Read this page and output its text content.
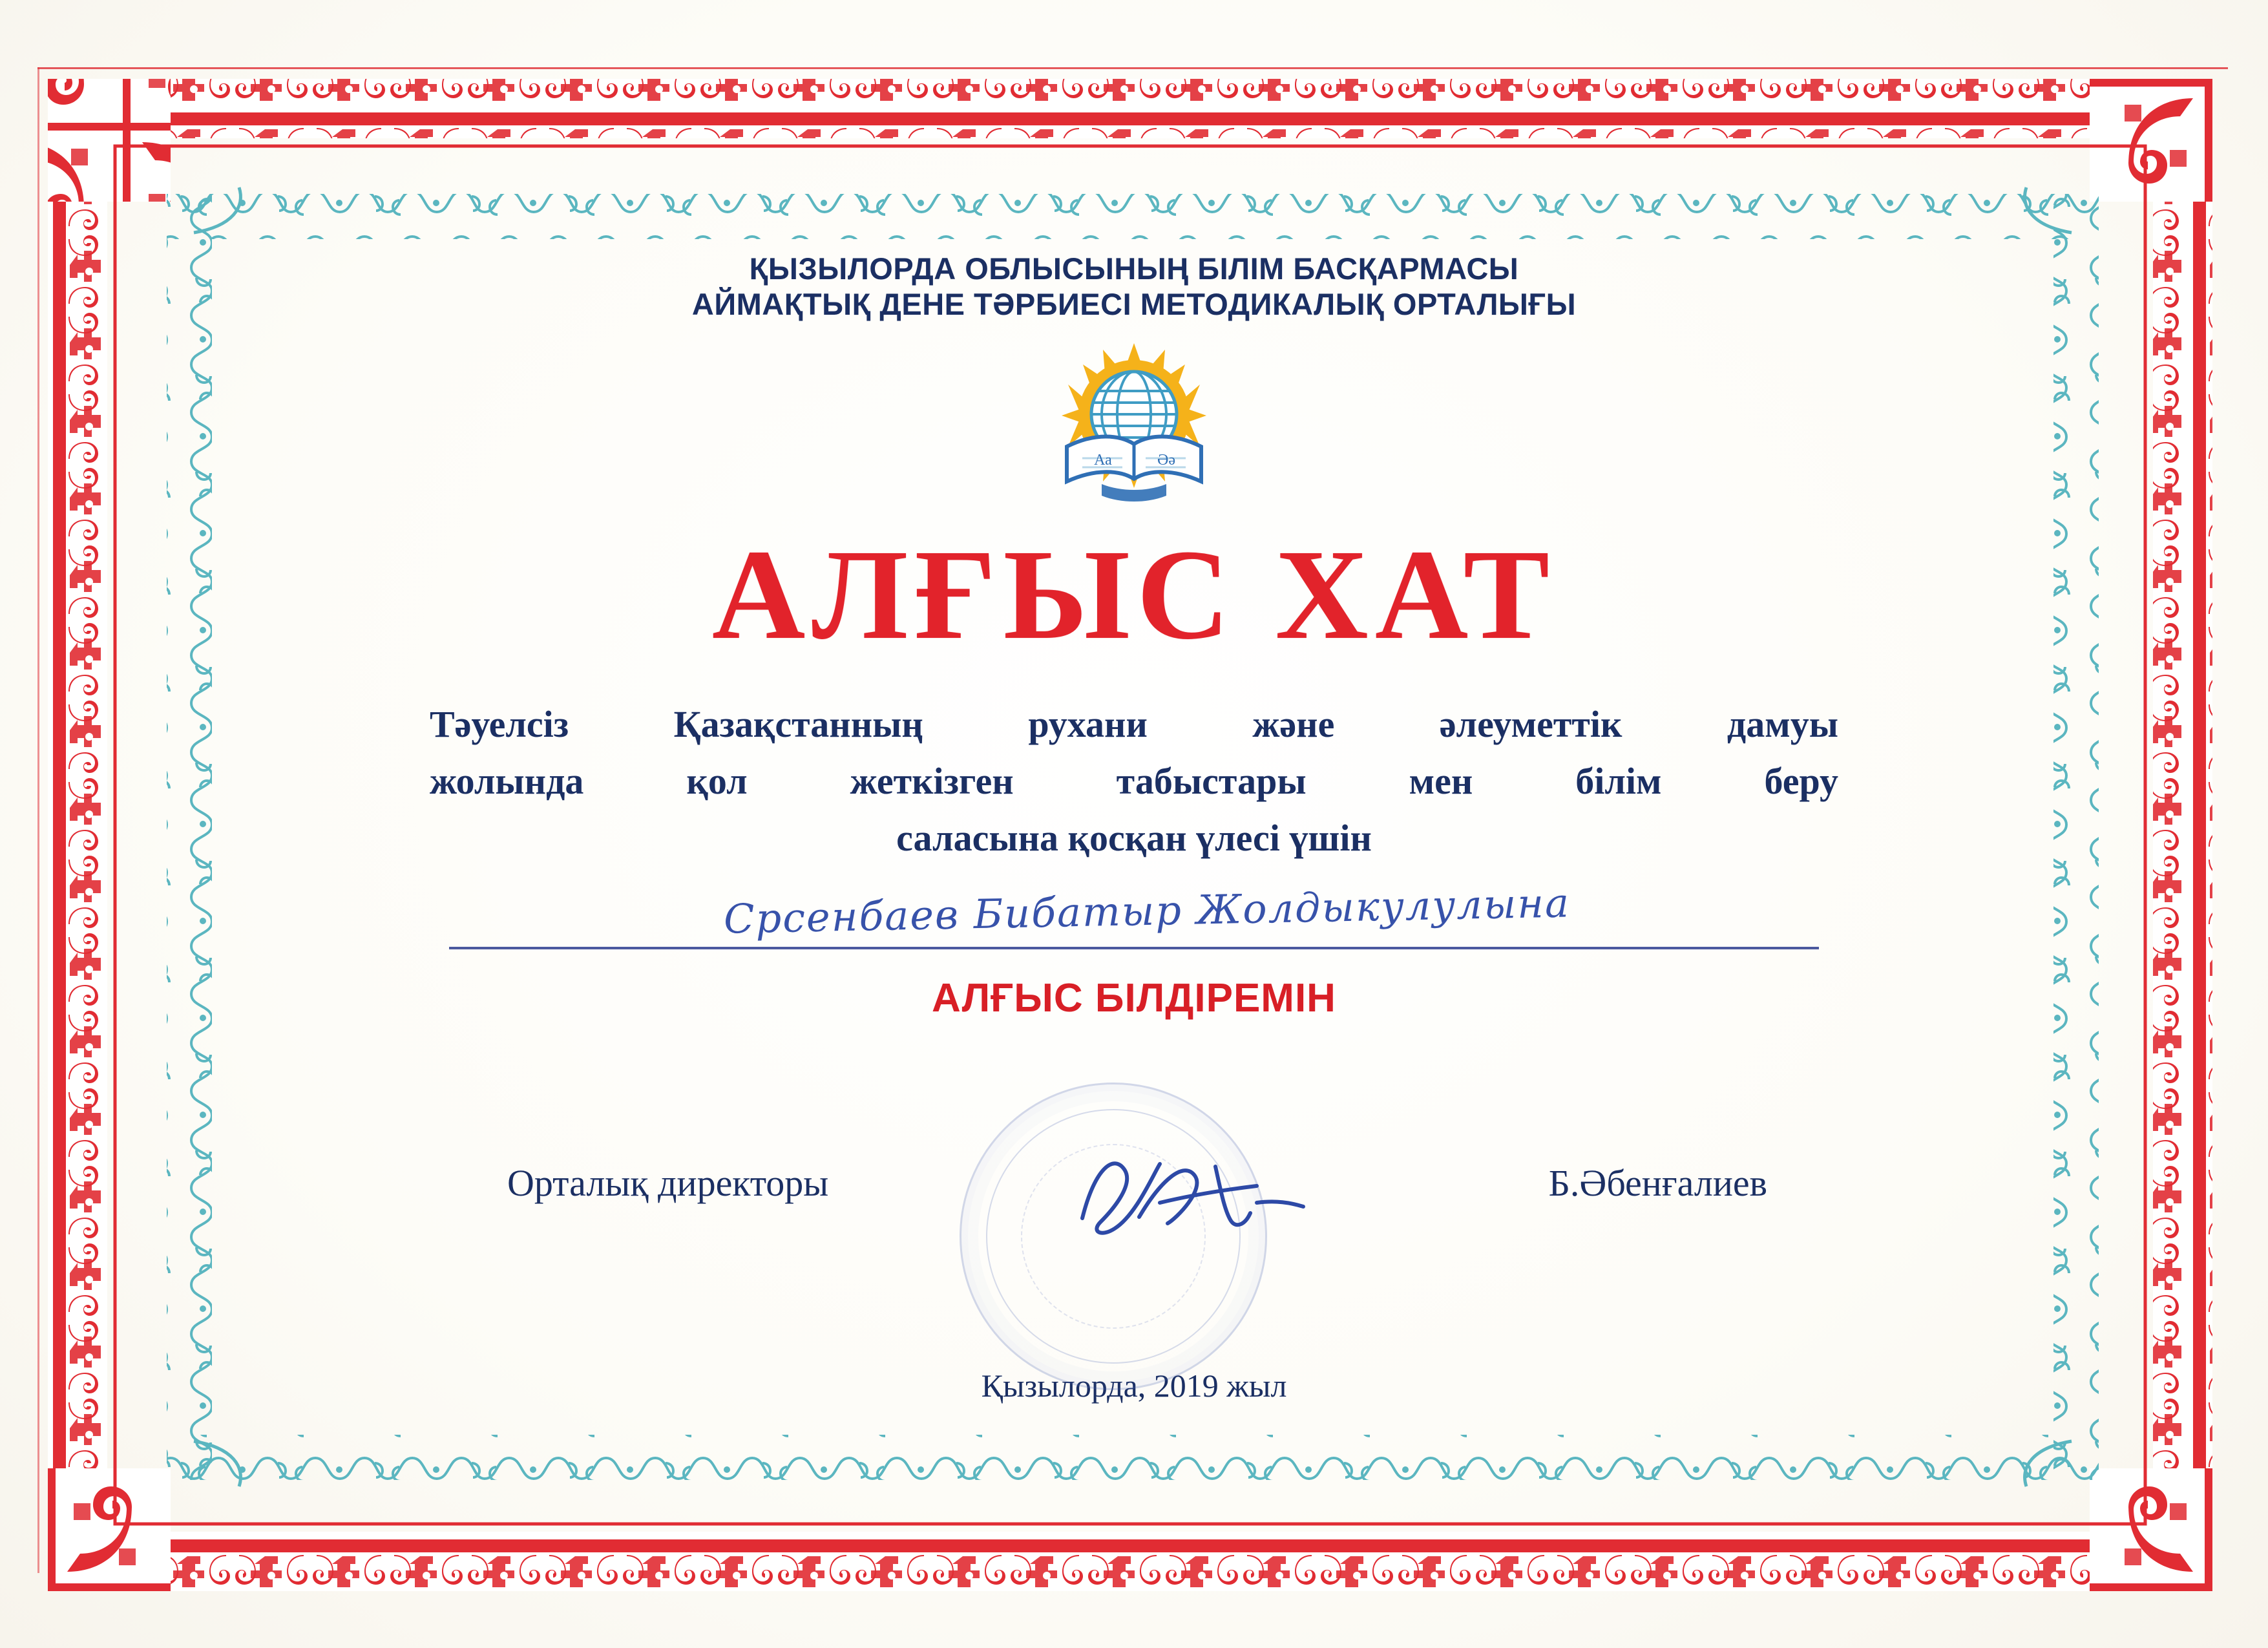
ҚЫЗЫЛОРДА ОБЛЫСЫНЫҢ БІЛІМ БАСҚАРМАСЫ
АЙМАҚТЫҚ ДЕНЕ ТӘРБИЕСІ МЕТОДИКАЛЫҚ ОРТАЛЫҒЫ
Аа	Әә
АЛҒЫС ХАТ
Тәуелсіз Қазақстанның рухани және әлеуметтік дамуы
жолында қол жеткізген табыстары мен білім беру
саласына қосқан үлесі үшін
Срсенбаев Бибатыр Жолдыкулулына
АЛҒЫС БІЛДІРЕМІН
Орталық директоры	Б.Әбенғалиев
Қызылорда, 2019 жыл
